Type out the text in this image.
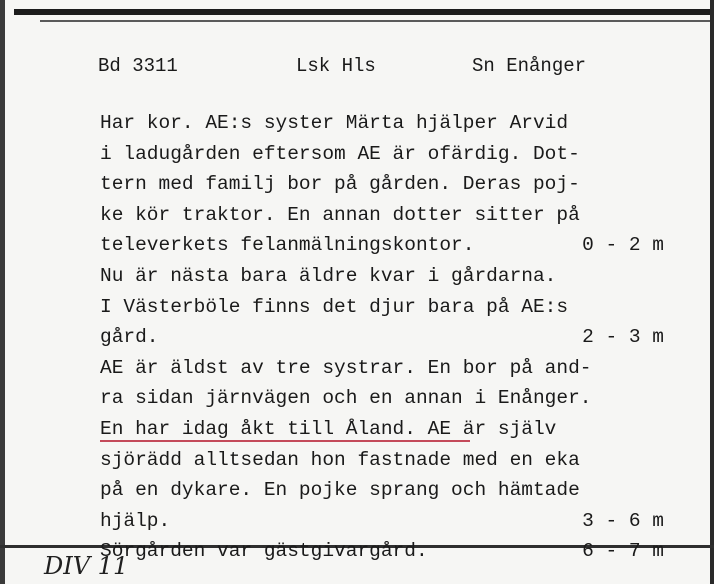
Bd 3311	Lsk Hls	Sn Enånger
Har kor. AE:s syster Märta hjälper Arvid
i ladugården eftersom AE är ofärdig. Dot-
tern med familj bor på gården. Deras poj-
ke kör traktor. En annan dotter sitter på
televerkets felanmälningskontor.	0 - 2 m
Nu är nästa bara äldre kvar i gårdarna.
I Västerböle finns det djur bara på AE:s
gård.	2 - 3 m
AE är äldst av tre systrar. En bor på and-
ra sidan järnvägen och en annan i Enånger.
En har idag åkt till Åland. AE är själv
sjörädd alltsedan hon fastnade med en eka
på en dykare. En pojke sprang och hämtade
hjälp.	3 - 6 m
Sörgården var gästgivargård.	6 - 7 m
DIV 11
